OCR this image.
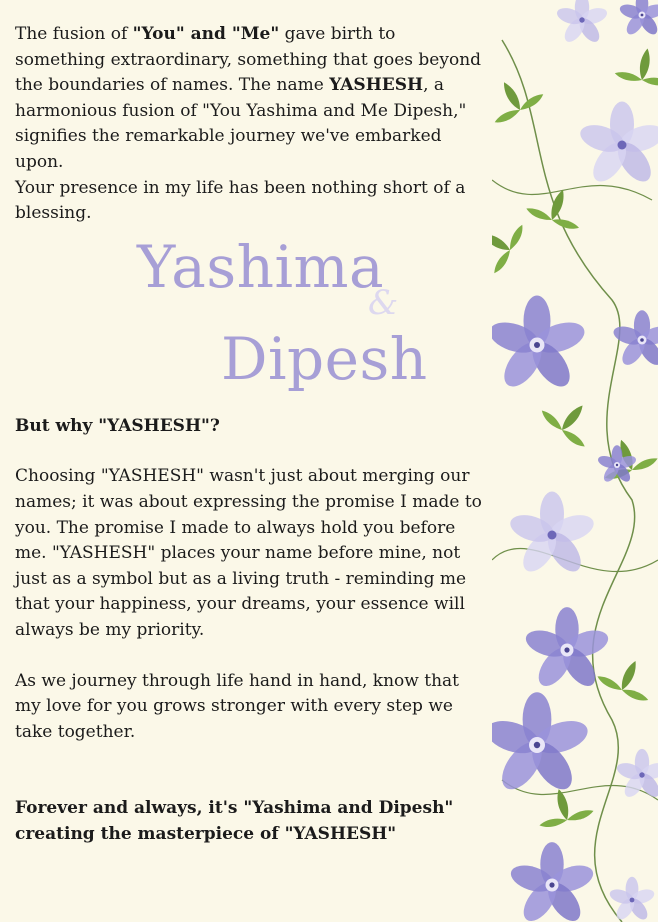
The fusion of "You" and "Me" gave birth to something extraordinary, something that goes beyond the boundaries of names. The name YASHESH, a harmonious fusion of "You Yashima and Me Dipesh," signifies the remarkable journey we've embarked upon.

Your presence in my life has been nothing short of a blessing.

Yashima
&
Dipesh

But why "YASHESH"?

Choosing "YASHESH" wasn't just about merging our names; it was about expressing the promise I made to you. The promise I made to always hold you before me. "YASHESH" places your name before mine, not just as a symbol but as a living truth - reminding me that your happiness, your dreams, your essence will always be my priority.

As we journey through life hand in hand, know that my love for you grows stronger with every step we take together.

Forever and always, it's "Yashima and Dipesh" creating the masterpiece of "YASHESH"
